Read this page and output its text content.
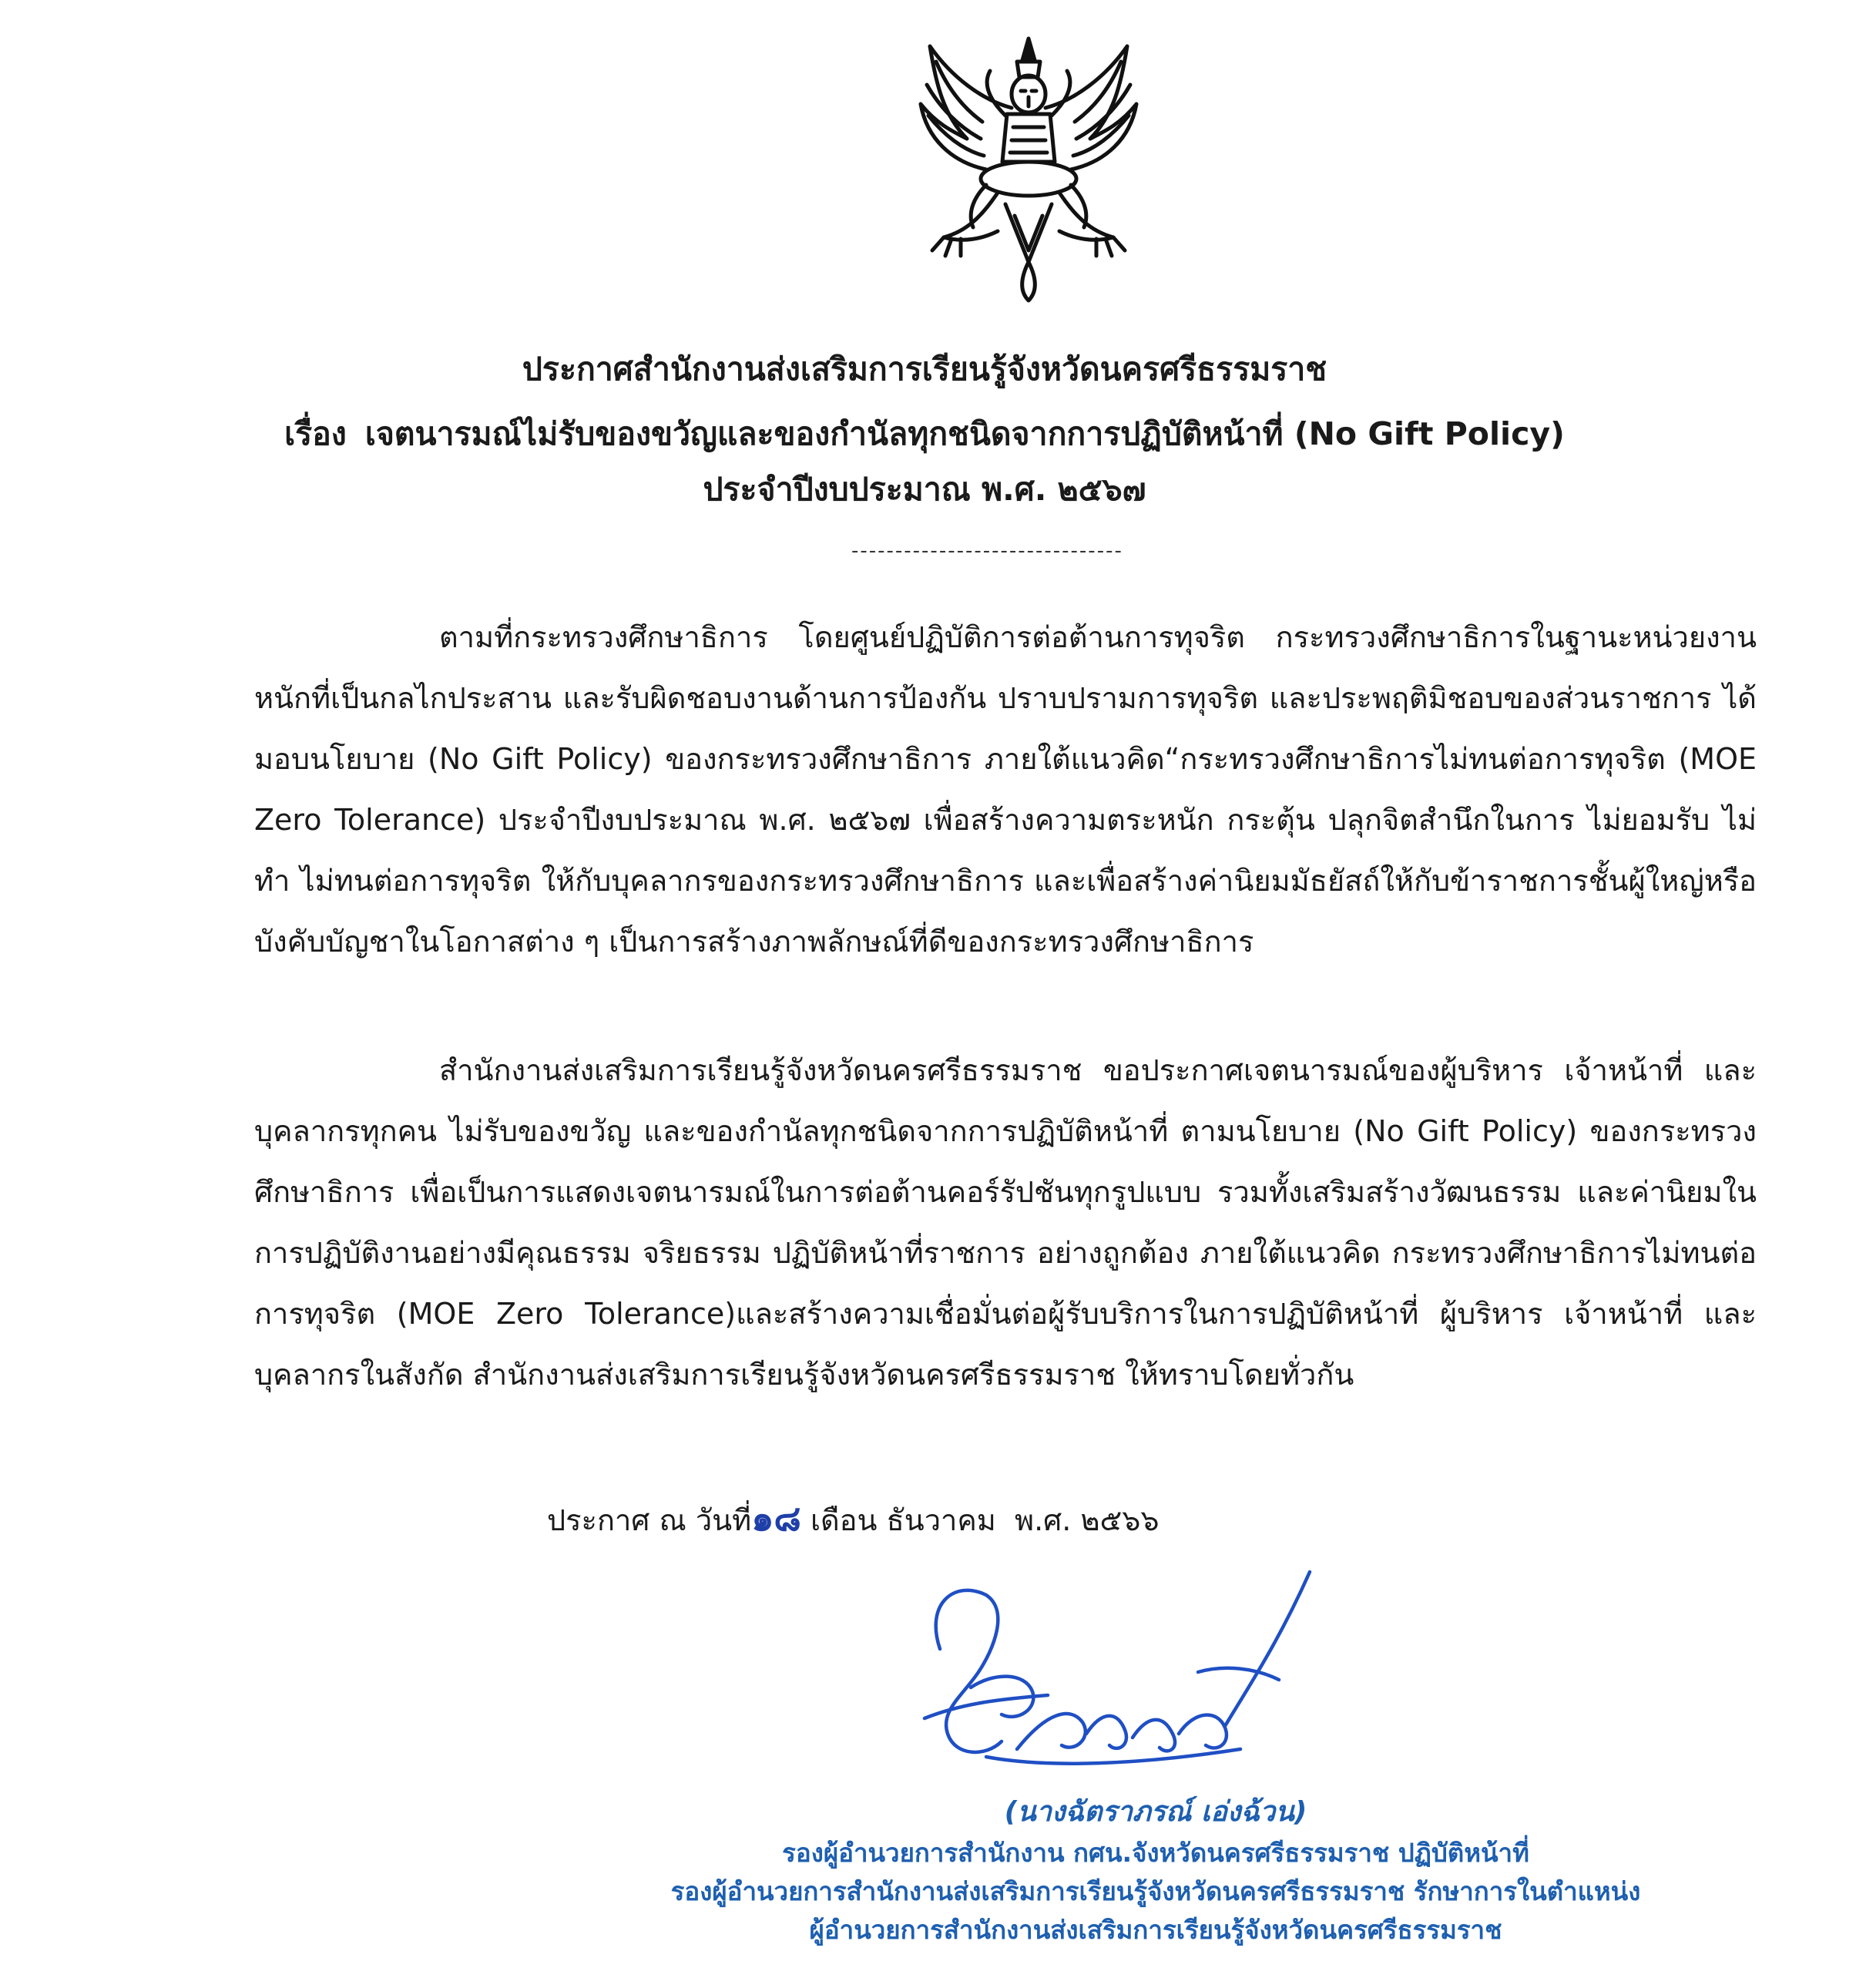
ประกาศสำนักงานส่งเสริมการเรียนรู้จังหวัดนครศรีธรรมราช
เรื่อง เจตนารมณ์ไม่รับของขวัญและของกำนัลทุกชนิดจากการปฏิบัติหน้าที่ (No Gift Policy)
ประจำปีงบประมาณ พ.ศ. ๒๕๖๗
-------------------------------
ตามที่กระทรวงศึกษาธิการ โดยศูนย์ปฏิบัติการต่อต้านการทุจริต กระทรวงศึกษาธิการในฐานะหน่วยงานหนักที่เป็นกลไกประสาน และรับผิดชอบงานด้านการป้องกัน ปราบปรามการทุจริต และประพฤติมิชอบของส่วนราชการ ได้มอบนโยบาย (No Gift Policy) ของกระทรวงศึกษาธิการ ภายใต้แนวคิด“กระทรวงศึกษาธิการไม่ทนต่อการทุจริต (MOE Zero Tolerance) ประจำปีงบประมาณ พ.ศ. ๒๕๖๗ เพื่อสร้างความตระหนัก กระตุ้น ปลุกจิตสำนึกในการ ไม่ยอมรับ ไม่ทำ ไม่ทนต่อการทุจริต ให้กับบุคลากรของกระทรวงศึกษาธิการ และเพื่อสร้างค่านิยมมัธยัสถ์ให้กับข้าราชการชั้นผู้ใหญ่หรือบังคับบัญชาในโอกาสต่าง ๆ เป็นการสร้างภาพลักษณ์ที่ดีของกระทรวงศึกษาธิการ
สำนักงานส่งเสริมการเรียนรู้จังหวัดนครศรีธรรมราช ขอประกาศเจตนารมณ์ของผู้บริหาร เจ้าหน้าที่ และบุคลากรทุกคน ไม่รับของขวัญ และของกำนัลทุกชนิดจากการปฏิบัติหน้าที่ ตามนโยบาย (No Gift Policy) ของกระทรวงศึกษาธิการ เพื่อเป็นการแสดงเจตนารมณ์ในการต่อต้านคอร์รัปชันทุกรูปแบบ รวมทั้งเสริมสร้างวัฒนธรรม และค่านิยมในการปฏิบัติงานอย่างมีคุณธรรม จริยธรรม ปฏิบัติหน้าที่ราชการ อย่างถูกต้อง ภายใต้แนวคิด กระทรวงศึกษาธิการไม่ทนต่อการทุจริต (MOE Zero Tolerance)และสร้างความเชื่อมั่นต่อผู้รับบริการในการปฏิบัติหน้าที่ ผู้บริหาร เจ้าหน้าที่ และบุคลากรในสังกัด สำนักงานส่งเสริมการเรียนรู้จังหวัดนครศรีธรรมราช ให้ทราบโดยทั่วกัน
ประกาศ ณ วันที่๑๘ เดือน ธันวาคม พ.ศ. ๒๕๖๖
(นางฉัตราภรณ์ เอ่งฉ้วน)
รองผู้อำนวยการสำนักงาน กศน.จังหวัดนครศรีธรรมราช ปฏิบัติหน้าที่
รองผู้อำนวยการสำนักงานส่งเสริมการเรียนรู้จังหวัดนครศรีธรรมราช รักษาการในตำแหน่ง
ผู้อำนวยการสำนักงานส่งเสริมการเรียนรู้จังหวัดนครศรีธรรมราช
